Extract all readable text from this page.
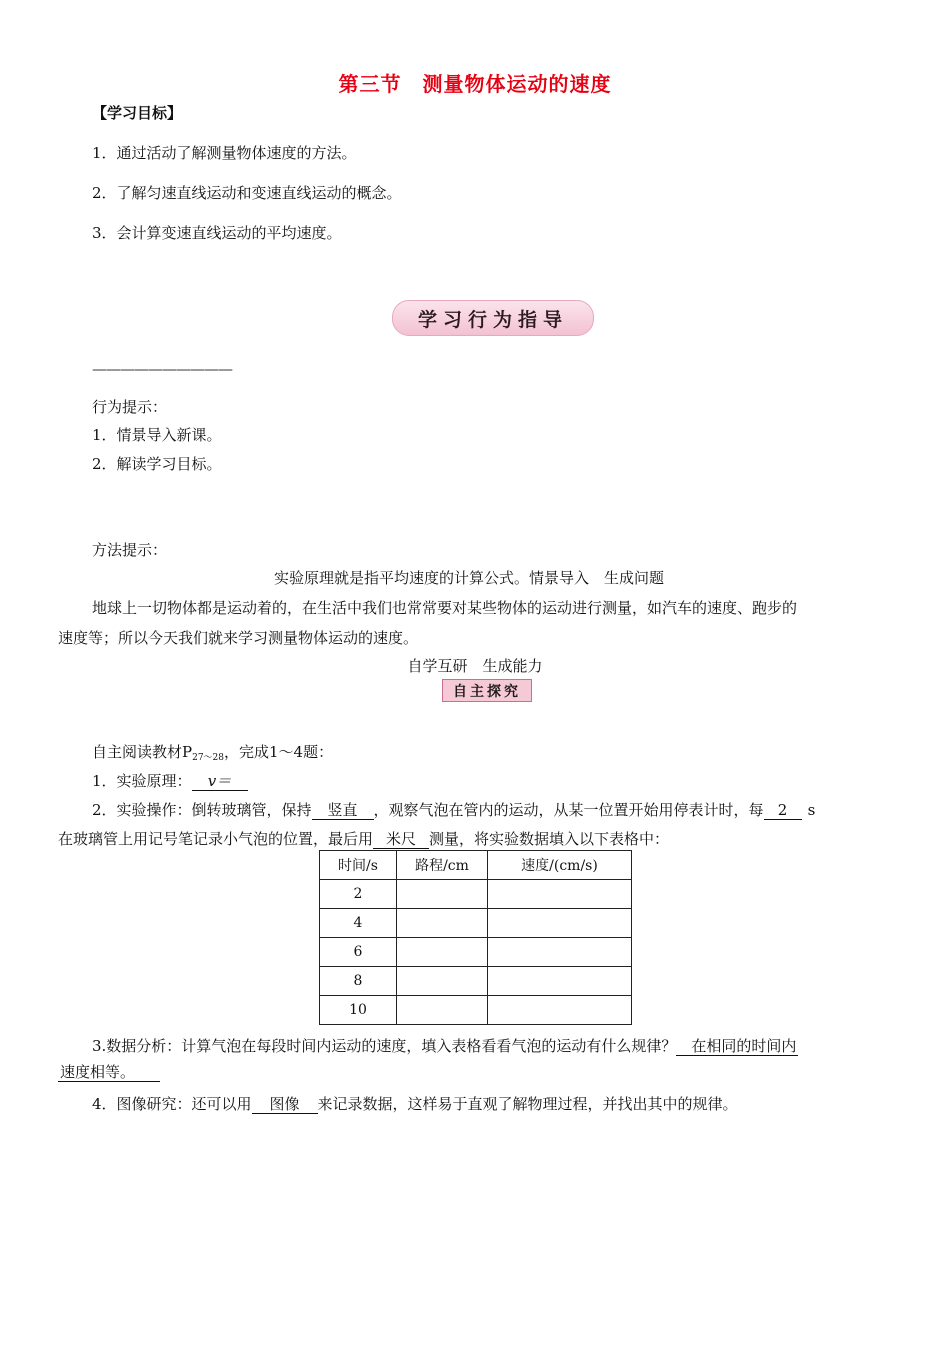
第三节　测量物体运动的速度
【学习目标】
1．通过活动了解测量物体速度的方法。
2．了解匀速直线运动和变速直线运动的概念。
3．会计算变速直线运动的平均速度。
学习行为指导
——————————
行为提示：
1．情景导入新课。
2．解读学习目标。
方法提示：
实验原理就是指平均速度的计算公式。情景导入　生成问题
地球上一切物体都是运动着的，在生活中我们也常常要对某些物体的运动进行测量，如汽车的速度、跑步的
速度等；所以今天我们就来学习测量物体运动的速度。
自学互研　生成能力
自主探究
自主阅读教材$P_{27\sim 28}$，完成1～4题：
1．实验原理： v＝
2．实验操作：倒转玻璃管，保持 竖直 ，观察气泡在管内的运动，从某一位置开始用停表计时，每 2 s
在玻璃管上用记号笔记录小气泡的位置，最后用 米尺 测量，将实验数据填入以下表格中：
时间/s	路程/cm	速度/(cm/s)
2		
4		
6		
8		
10		
3.数据分析：计算气泡在每段时间内运动的速度，填入表格看看气泡的运动有什么规律？ 在相同的时间内
速度相等。
4．图像研究：还可以用 图像 来记录数据，这样易于直观了解物理过程，并找出其中的规律。
